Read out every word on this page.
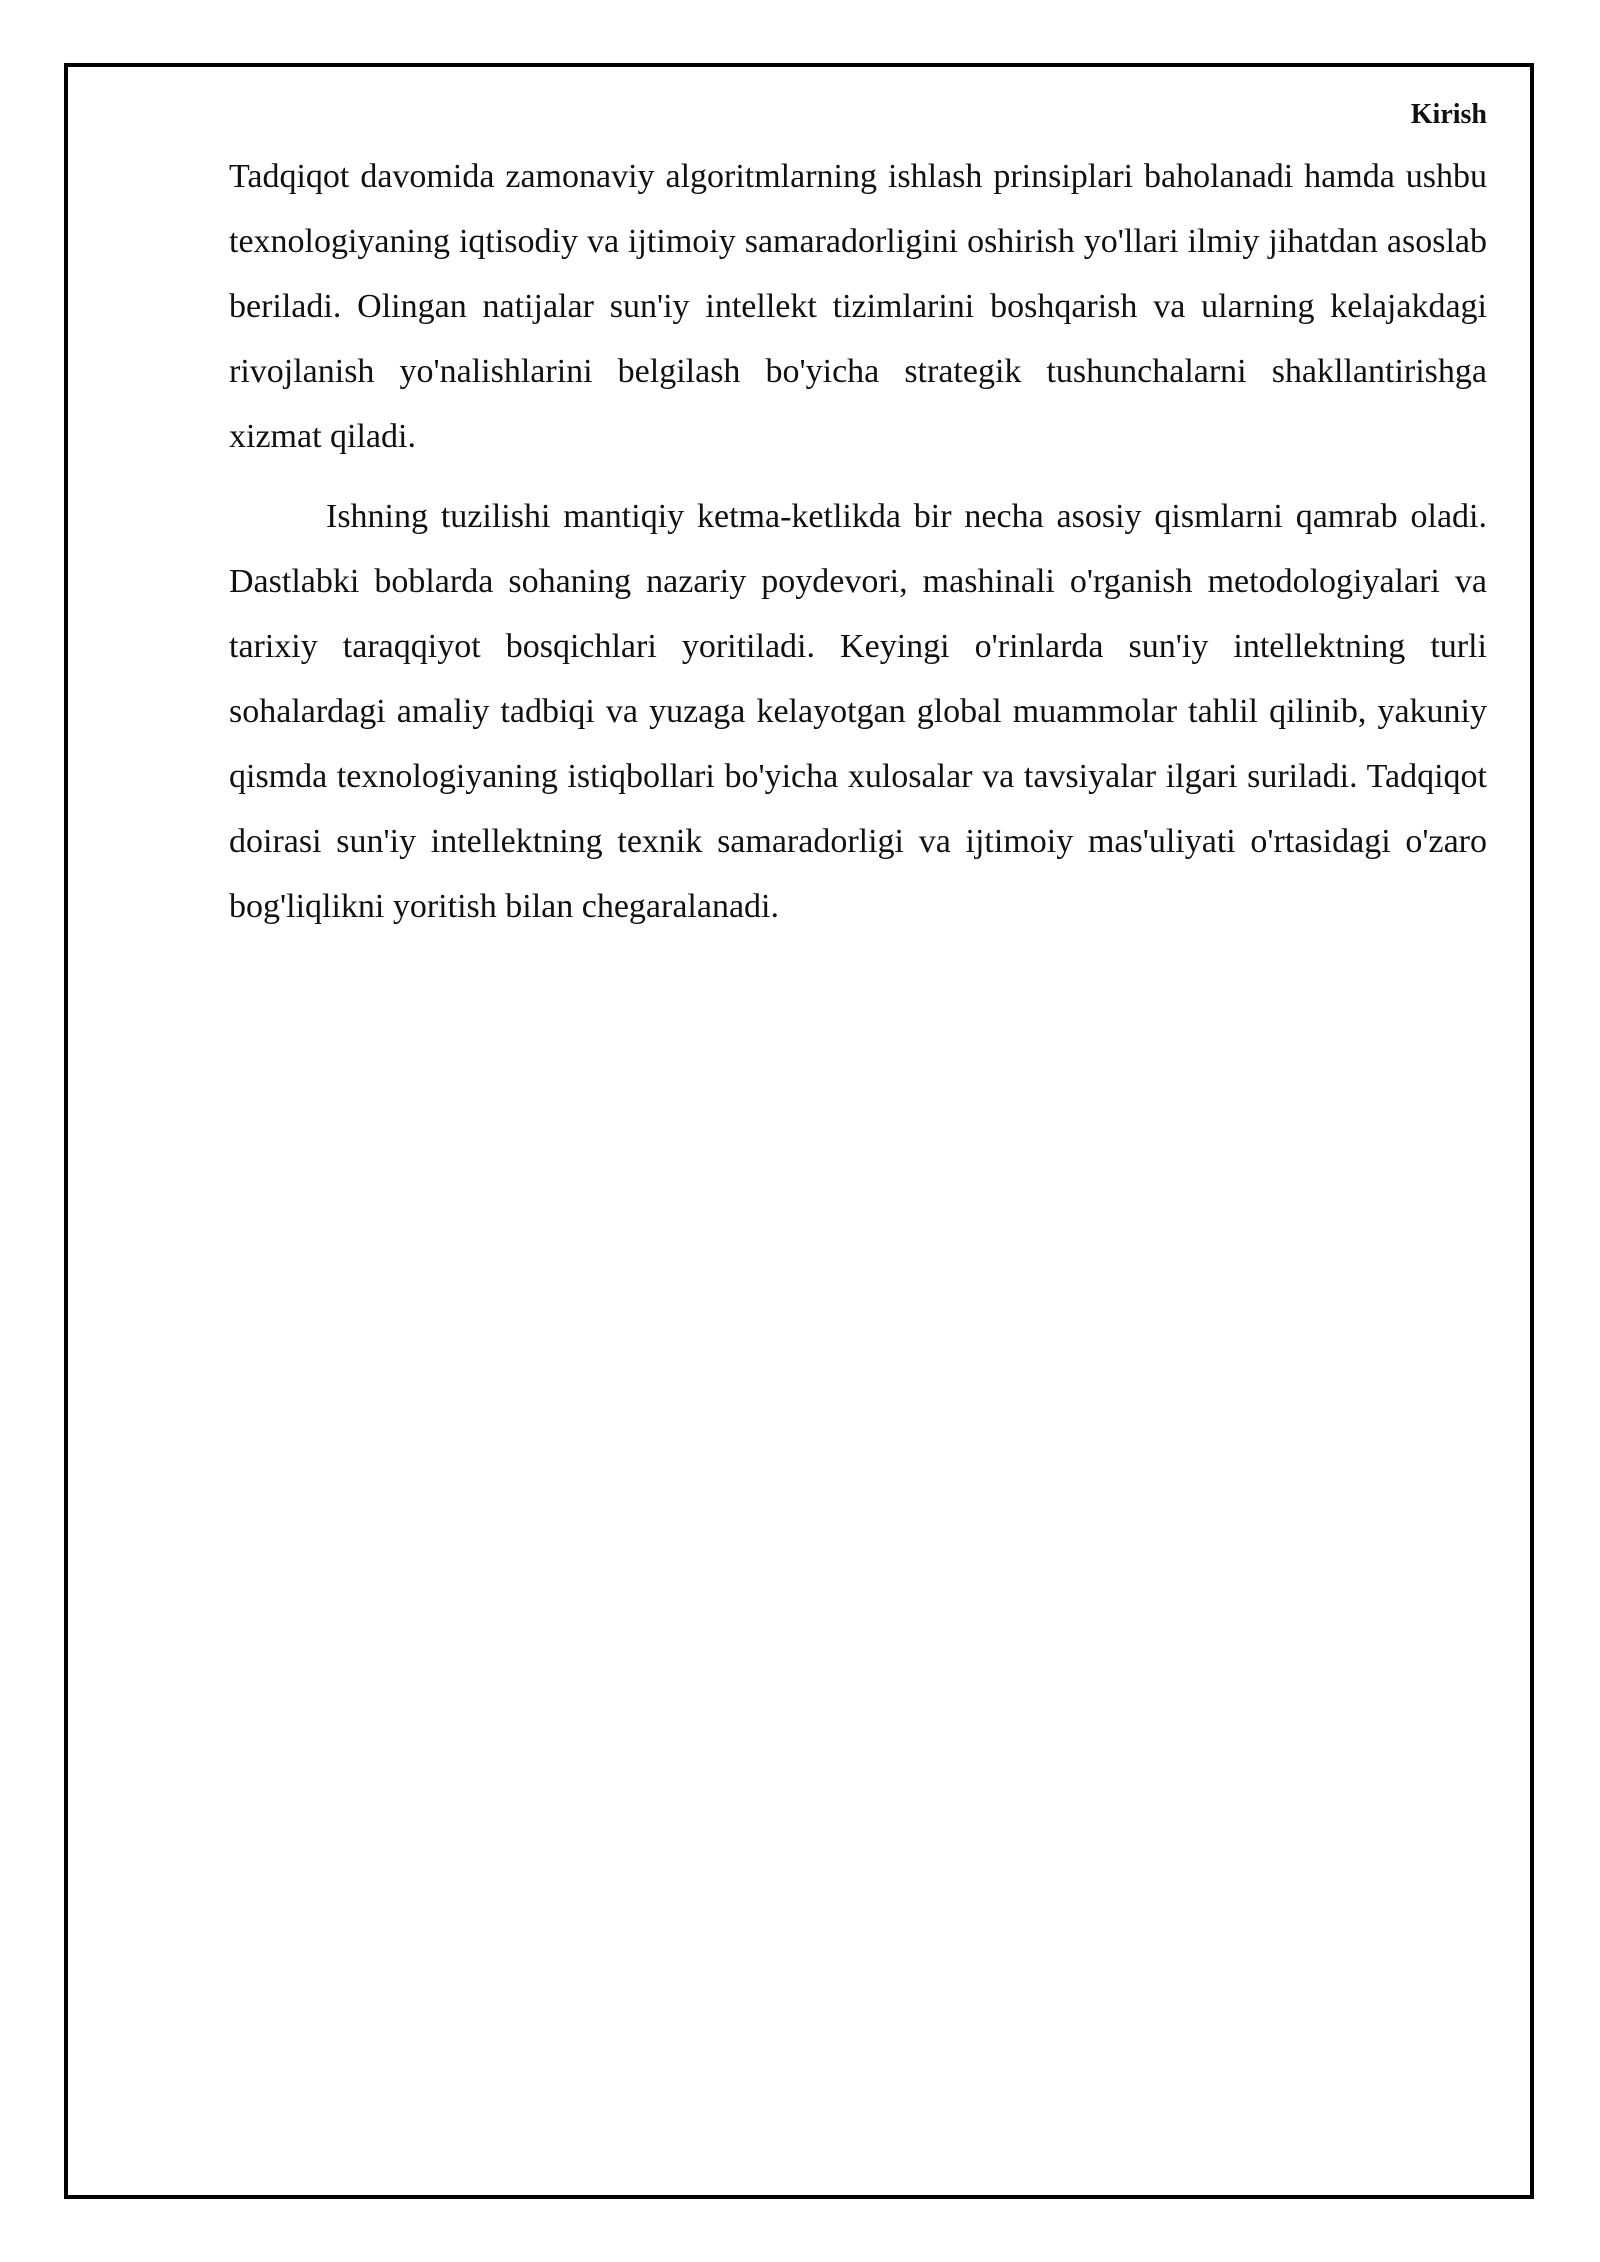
Kirish

Tadqiqot davomida zamonaviy algoritmlarning ishlash prinsiplari baholanadi hamda ushbu texnologiyaning iqtisodiy va ijtimoiy samaradorligini oshirish yo'llari ilmiy jihatdan asoslab beriladi. Olingan natijalar sun'iy intellekt tizimlarini boshqarish va ularning kelajakdagi rivojlanish yo'nalishlarini belgilash bo'yicha strategik tushunchalarni shakllantirishga xizmat qiladi.

Ishning tuzilishi mantiqiy ketma-ketlikda bir necha asosiy qismlarni qamrab oladi. Dastlabki boblarda sohaning nazariy poydevori, mashinali o'rganish metodologiyalari va tarixiy taraqqiyot bosqichlari yoritiladi. Keyingi o'rinlarda sun'iy intellektning turli sohalardagi amaliy tadbiqi va yuzaga kelayotgan global muammolar tahlil qilinib, yakuniy qismda texnologiyaning istiqbollari bo'yicha xulosalar va tavsiyalar ilgari suriladi. Tadqiqot doirasi sun'iy intellektning texnik samaradorligi va ijtimoiy mas'uliyati o'rtasidagi o'zaro bog'liqlikni yoritish bilan chegaralanadi.
